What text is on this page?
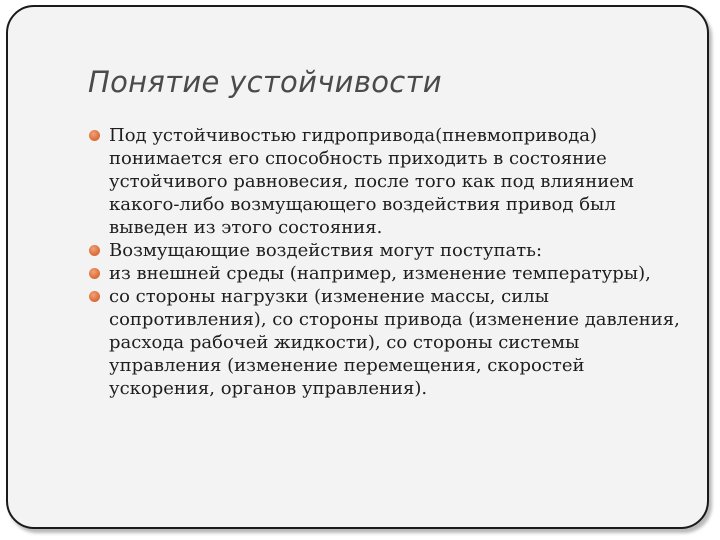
Понятие устойчивости
Под устойчивостью гидропривода(пневмопривода) понимается его способность приходить в состояние устойчивого равновесия, после того как под влиянием какого-либо возмущающего воздействия привод был выведен из этого состояния.
Возмущающие воздействия могут поступать:
из внешней среды (например, изменение температуры),
со стороны нагрузки (изменение массы, силы сопротивления), со стороны привода (изменение давления, расхода рабочей жидкости), со стороны системы управления (изменение перемещения, скоростей ускорения, органов управления).
